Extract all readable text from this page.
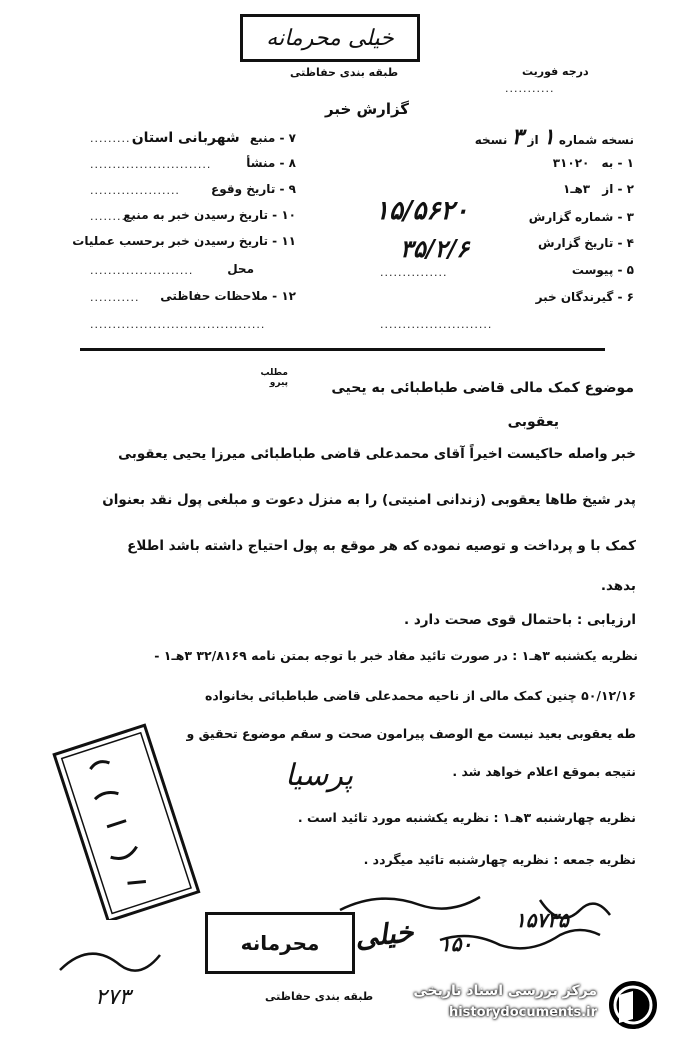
خیلی محرمانه
طبقه بندی حفاظتی	درجه فوریت
...........
گزارش خبر
نسخه شماره ۱ از ۳ نسخه
۷ - منبع شهربانی استان
.........
۸ - منشأ
...........................
۹ - تاریخ وقوع
....................
۱۰ - تاریخ رسیدن خبر به منبع
..........
۱۱ - تاریخ رسیدن خبر برحسب عملیات
محل
.......................
۱۲ - ملاحظات حفاظتی
...........
.......................................
۱ - به ۳۱۰۲۰
۲ - از ۳هـ۱
۳ - شماره گزارش
۱۵/۵۶۲۰
۴ - تاریخ گزارش
۳۵/۲/۶
۵ - پیوست
...............
۶ - گیرندگان خبر
.........................
موضوع کمک مالی قاضی طباطبائی به یحیی
مطلب پیرو
یعقوبی
خبر واصله حاکیست اخیراً آقای محمدعلی قاضی طباطبائی میرزا یحیی یعقوبی
پدر شیخ طاها یعقوبی (زندانی امنیتی) را به منزل دعوت و مبلغی پول نقد بعنوان
کمک با و پرداخت و توصیه نموده که هر موقع به پول احتیاج داشته باشد اطلاع
بدهد.
ارزیابی : باحتمال قوی صحت دارد .
نظریه یکشنبه ۳هـ۱ : در صورت تائید مفاد خبر با توجه بمتن نامه ۳۲/۸۱۶۹ ۳هـ۱ -
۵۰/۱۲/۱۶ چنین کمک مالی از ناحیه محمدعلی قاضی طباطبائی بخانواده
طه یعقوبی بعید نیست مع الوصف پیرامون صحت و سقم موضوع تحقیق و
نتیجه بموقع اعلام خواهد شد .
پرسیا
نظریه چهارشنبه ۳هـ۱ : نظریه یکشنبه مورد تائید است .
نظریه جمعه : نظریه چهارشنبه تائید میگردد .
محرمانه خیلی
طبقه بندی حفاظتی
۲۷۳
۱۵۰
۱۵۷۳۵
مرکز بررسی اسناد تاریخی
historydocuments.ir
